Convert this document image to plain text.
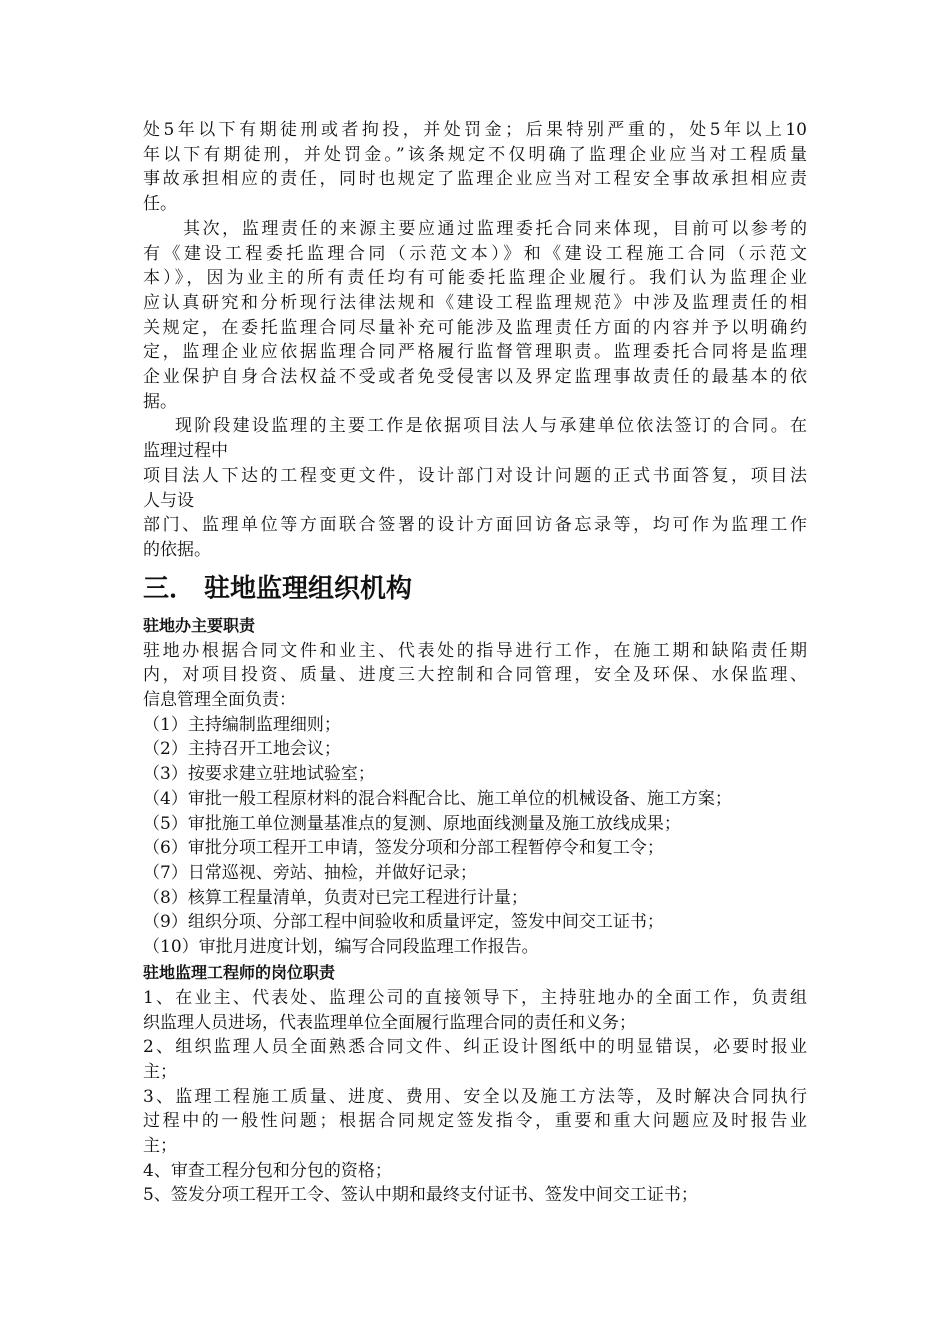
处5年以下有期徒刑或者拘投，并处罚金；后果特别严重的，处5年以上10
年以下有期徒刑，并处罚金。”该条规定不仅明确了监理企业应当对工程质量
事故承担相应的责任，同时也规定了监理企业应当对工程安全事故承担相应责
任。

其次，监理责任的来源主要应通过监理委托合同来体现，目前可以参考的
有《建设工程委托监理合同（示范文本）》和《建设工程施工合同（示范文
本）》，因为业主的所有责任均有可能委托监理企业履行。我们认为监理企业
应认真研究和分析现行法律法规和《建设工程监理规范》中涉及监理责任的相
关规定，在委托监理合同尽量补充可能涉及监理责任方面的内容并予以明确约
定，监理企业应依据监理合同严格履行监督管理职责。监理委托合同将是监理
企业保护自身合法权益不受或者免受侵害以及界定监理事故责任的最基本的依
据。

现阶段建设监理的主要工作是依据项目法人与承建单位依法签订的合同。在
监理过程中
项目法人下达的工程变更文件，设计部门对设计问题的正式书面答复，项目法
人与设
部门、监理单位等方面联合签署的设计方面回访备忘录等，均可作为监理工作
的依据。

三． 驻地监理组织机构
驻地办主要职责

驻地办根据合同文件和业主、代表处的指导进行工作，在施工期和缺陷责任期
内，对项目投资、质量、进度三大控制和合同管理，安全及环保、水保监理、
信息管理全面负责：

（1）主持编制监理细则；
（2）主持召开工地会议；
（3）按要求建立驻地试验室；
（4）审批一般工程原材料的混合料配合比、施工单位的机械设备、施工方案；
（5）审批施工单位测量基准点的复测、原地面线测量及施工放线成果；
（6）审批分项工程开工申请，签发分项和分部工程暂停令和复工令；
（7）日常巡视、旁站、抽检，并做好记录；
（8）核算工程量清单，负责对已完工程进行计量；
（9）组织分项、分部工程中间验收和质量评定，签发中间交工证书；
（10）审批月进度计划，编写合同段监理工作报告。
驻地监理工程师的岗位职责

1、在业主、代表处、监理公司的直接领导下，主持驻地办的全面工作，负责组
织监理人员进场，代表监理单位全面履行监理合同的责任和义务；

2、组织监理人员全面熟悉合同文件、纠正设计图纸中的明显错误，必要时报业
主；

3、监理工程施工质量、进度、费用、安全以及施工方法等，及时解决合同执行
过程中的一般性问题；根据合同规定签发指令，重要和重大问题应及时报告业
主；

4、审查工程分包和分包的资格；

5、签发分项工程开工令、签认中期和最终支付证书、签发中间交工证书；
